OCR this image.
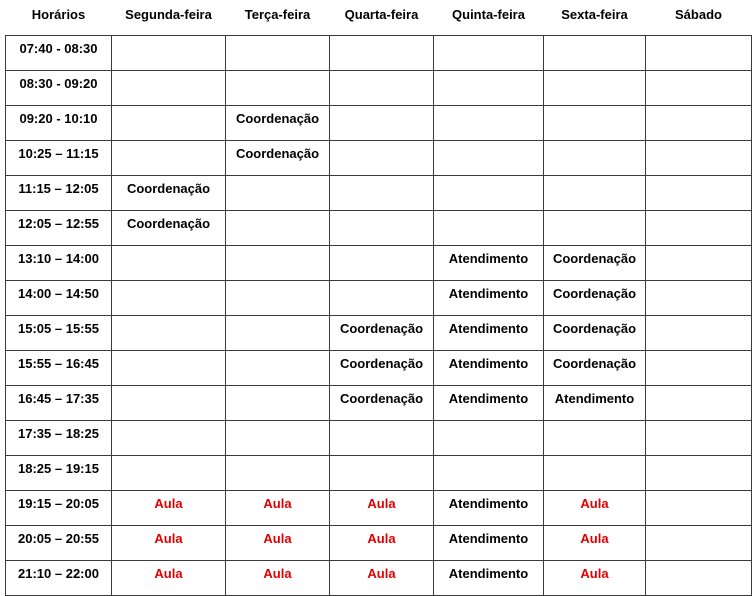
Horários	Segunda-feira	Terça-feira	Quarta-feira	Quinta-feira	Sexta-feira	Sábado
07:40 - 08:30						
08:30 - 09:20						
09:20 - 10:10		Coordenação				
10:25 – 11:15		Coordenação				
11:15 – 12:05	Coordenação					
12:05 – 12:55	Coordenação					
13:10 – 14:00				Atendimento	Coordenação	
14:00 – 14:50				Atendimento	Coordenação	
15:05 – 15:55			Coordenação	Atendimento	Coordenação	
15:55 – 16:45			Coordenação	Atendimento	Coordenação	
16:45 – 17:35			Coordenação	Atendimento	Atendimento	
17:35 – 18:25						
18:25 – 19:15						
19:15 – 20:05	Aula	Aula	Aula	Atendimento	Aula	
20:05 – 20:55	Aula	Aula	Aula	Atendimento	Aula	
21:10 – 22:00	Aula	Aula	Aula	Atendimento	Aula	
